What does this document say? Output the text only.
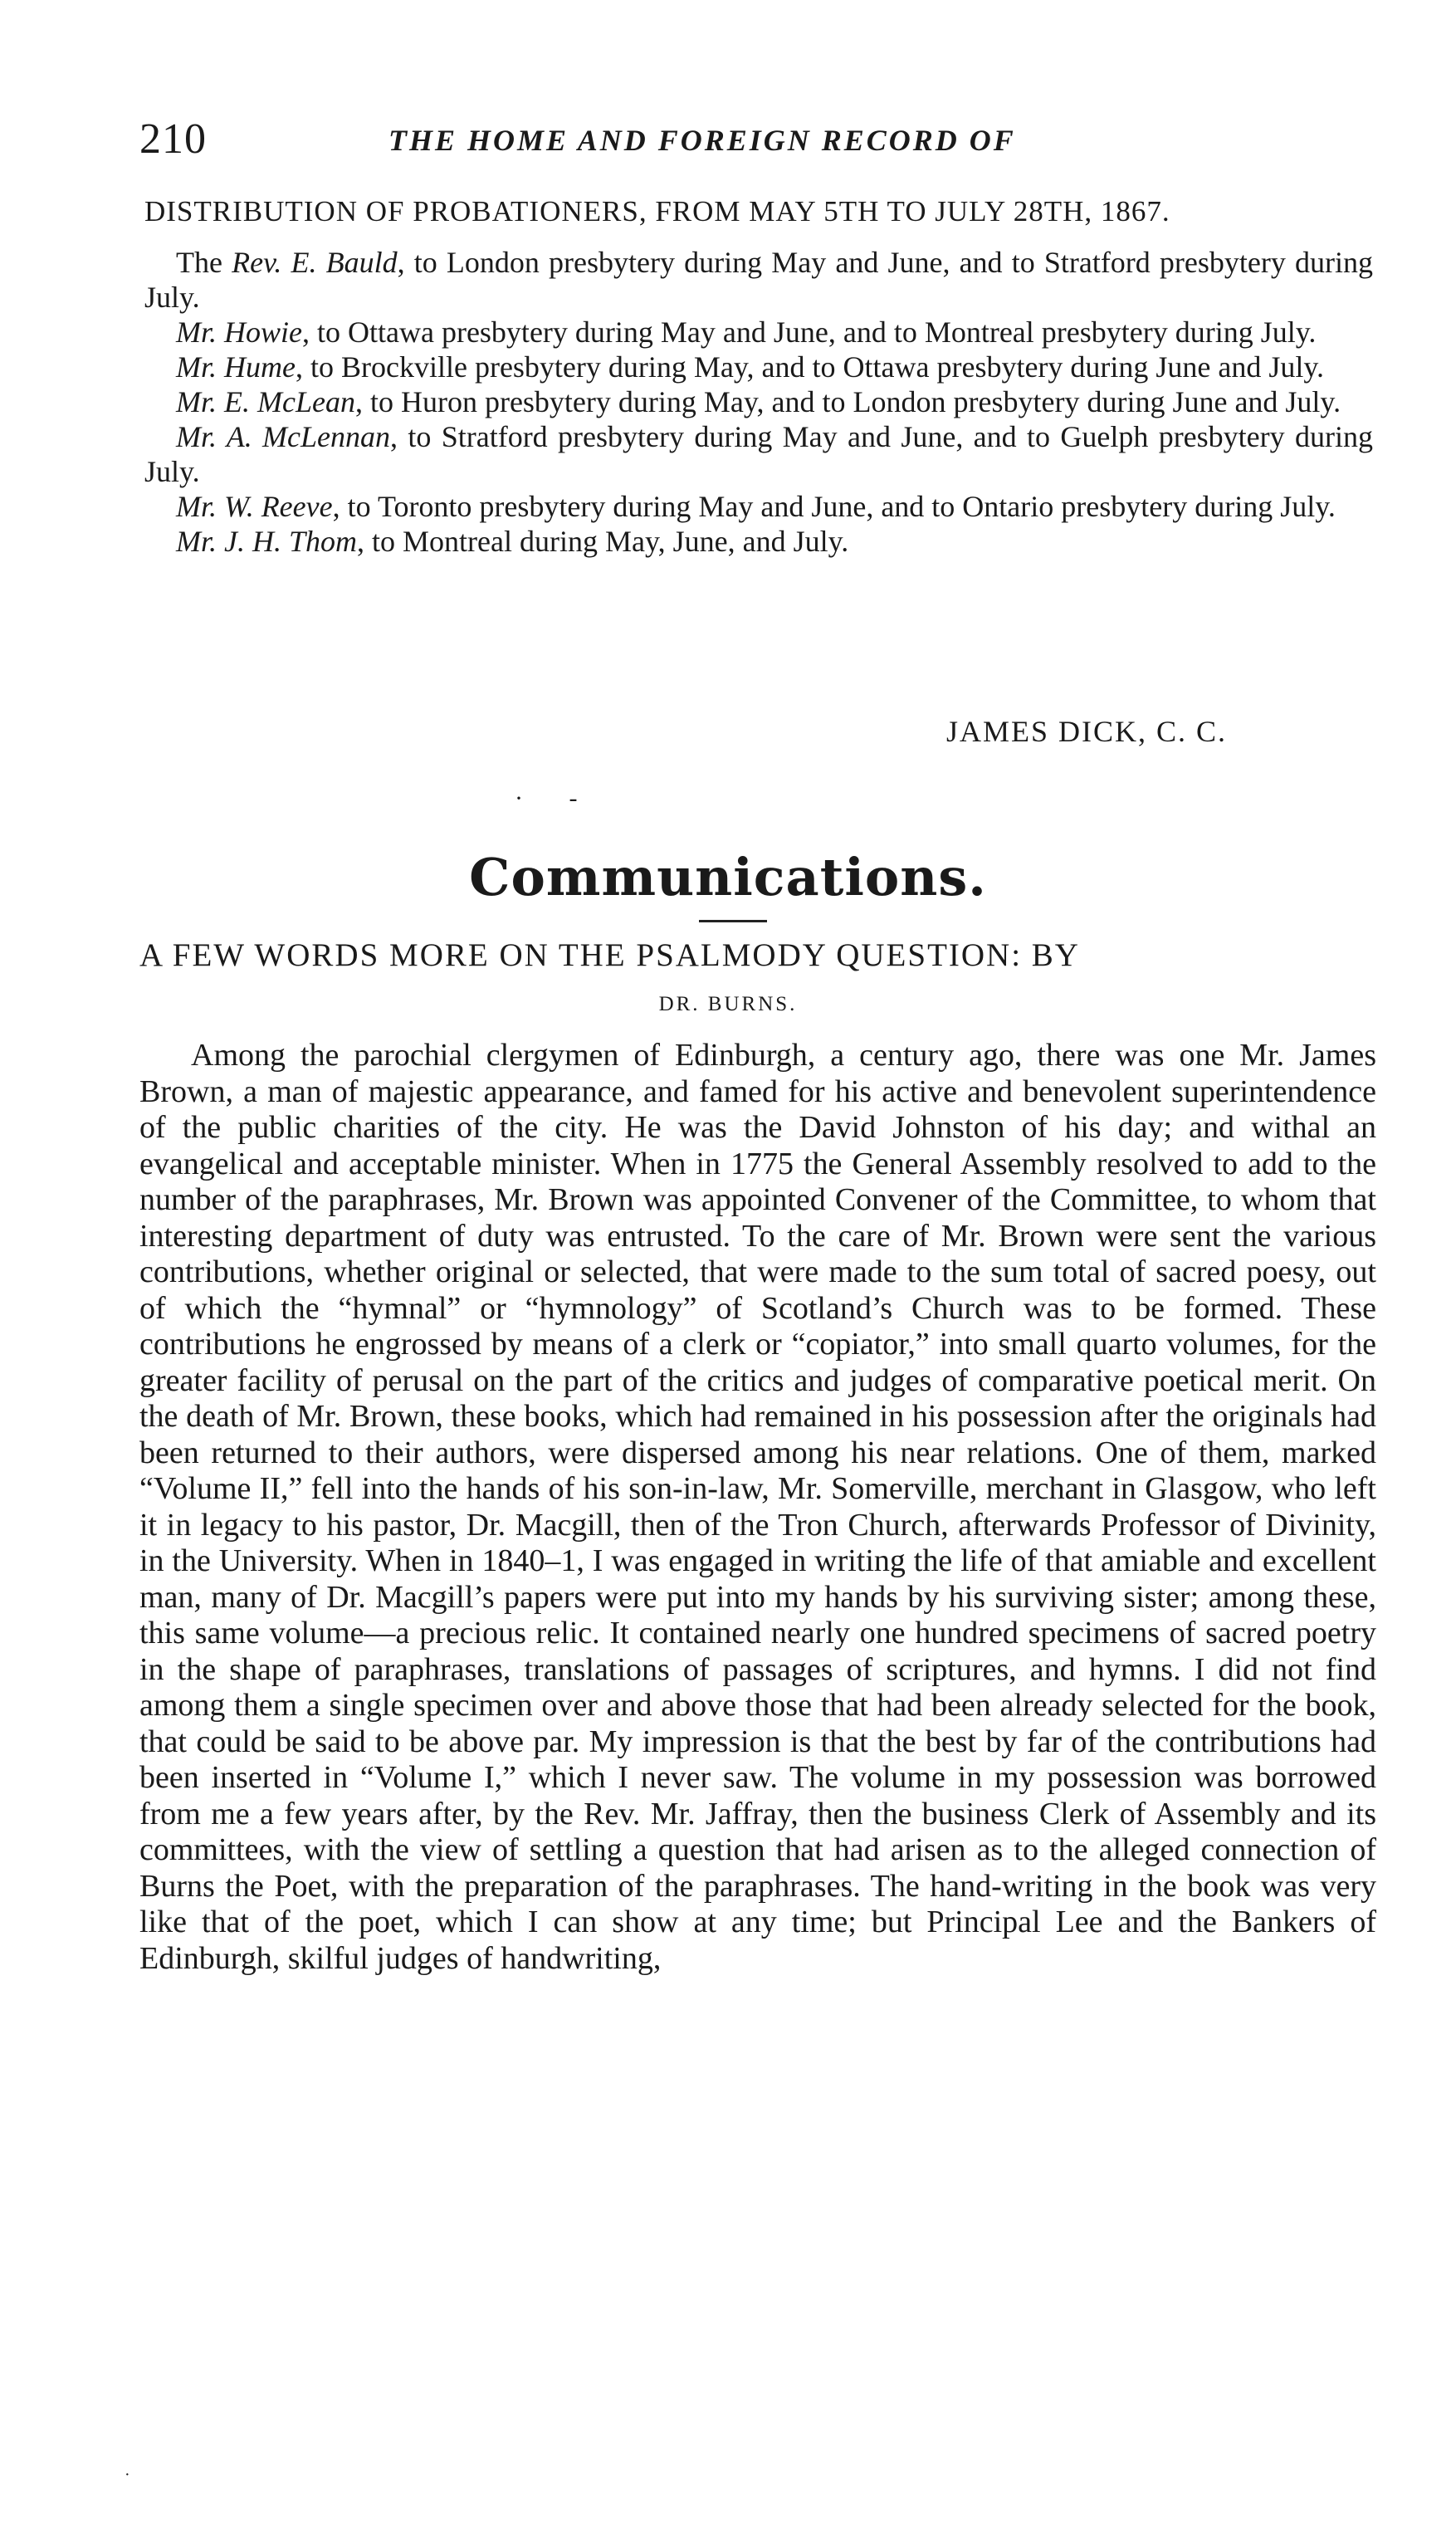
210	THE HOME AND FOREIGN RECORD OF
DISTRIBUTION OF PROBATIONERS, FROM MAY 5TH TO JULY 28TH, 1867.

The Rev. E. Bauld, to London presbytery during May and June, and to Stratford presbytery during July.

Mr. Howie, to Ottawa presbytery during May and June, and to Montreal presbytery during July.

Mr. Hume, to Brockville presbytery during May, and to Ottawa presbytery during June and July.

Mr. E. McLean, to Huron presbytery during May, and to London presbytery during June and July.

Mr. A. McLennan, to Stratford presbytery during May and June, and to Guelph presbytery during July.

Mr. W. Reeve, to Toronto presbytery during May and June, and to Ontario presbytery during July.

Mr. J. H. Thom, to Montreal during May, June, and July.

JAMES DICK, C. C.
· ‐
Communications.
A FEW WORDS MORE ON THE PSALMODY QUESTION: BY
DR. BURNS.

Among the parochial clergymen of Edinburgh, a century ago, there was one Mr. James Brown, a man of majestic appearance, and famed for his active and benevolent superintendence of the public charities of the city. He was the David Johnston of his day; and withal an evangelical and acceptable minister. When in 1775 the General Assembly resolved to add to the number of the paraphrases, Mr. Brown was appointed Convener of the Committee, to whom that interesting department of duty was entrusted. To the care of Mr. Brown were sent the various contributions, whether original or selected, that were made to the sum total of sacred poesy, out of which the “hymnal” or “hymnology” of Scotland’s Church was to be formed. These contributions he engrossed by means of a clerk or “copiator,” into small quarto volumes, for the greater facility of perusal on the part of the critics and judges of comparative poetical merit. On the death of Mr. Brown, these books, which had remained in his possession after the originals had been returned to their authors, were dispersed among his near relations. One of them, marked “Volume II,” fell into the hands of his son-in-law, Mr. Somerville, merchant in Glasgow, who left it in legacy to his pastor, Dr. Macgill, then of the Tron Church, afterwards Professor of Divinity, in the University. When in 1840–1, I was engaged in writing the life of that amiable and excellent man, many of Dr. Macgill’s papers were put into my hands by his surviving sister; among these, this same volume—a precious relic. It contained nearly one hundred specimens of sacred poetry in the shape of paraphrases, translations of passages of scriptures, and hymns. I did not find among them a single specimen over and above those that had been already selected for the book, that could be said to be above par. My impression is that the best by far of the contributions had been inserted in “Volume I,” which I never saw. The volume in my possession was borrowed from me a few years after, by the Rev. Mr. Jaffray, then the business Clerk of Assembly and its committees, with the view of settling a question that had arisen as to the alleged connection of Burns the Poet, with the preparation of the paraphrases. The hand-writing in the book was very like that of the poet, which I can show at any time; but Principal Lee and the Bankers of Edinburgh, skilful judges of handwriting,

·
